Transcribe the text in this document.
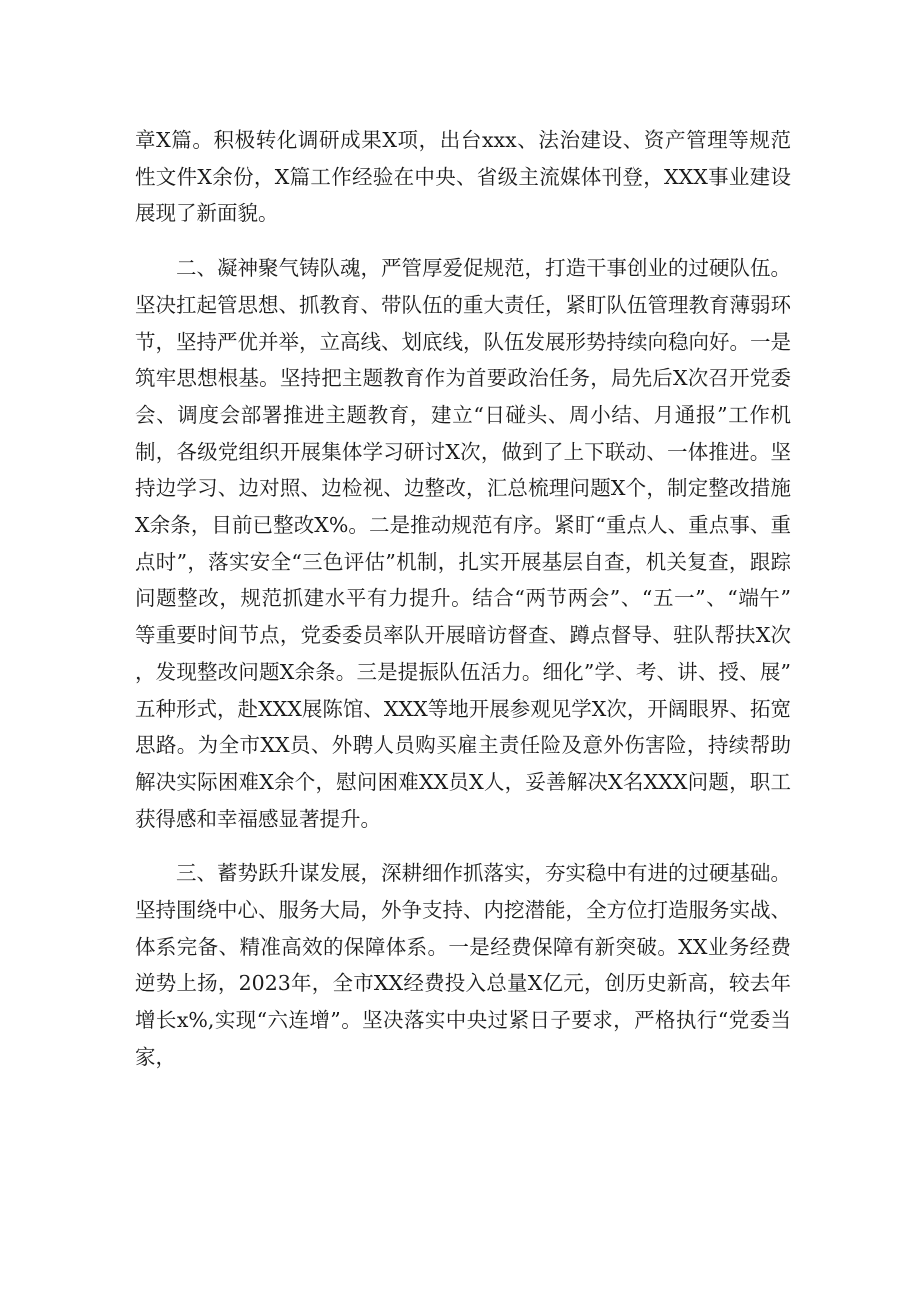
章X篇。积极转化调研成果X项，出台xxx、法治建设、资产管理等规范性文件X余份，X篇工作经验在中央、省级主流媒体刊登，XXX事业建设展现了新面貌。

二、凝神聚气铸队魂，严管厚爱促规范，打造干事创业的过硬队伍。坚决扛起管思想、抓教育、带队伍的重大责任，紧盯队伍管理教育薄弱环节，坚持严优并举，立高线、划底线，队伍发展形势持续向稳向好。一是筑牢思想根基。坚持把主题教育作为首要政治任务，局先后X次召开党委会、调度会部署推进主题教育，建立“日碰头、周小结、月通报”工作机制，各级党组织开展集体学习研讨X次，做到了上下联动、一体推进。坚持边学习、边对照、边检视、边整改，汇总梳理问题X个，制定整改措施X余条，目前已整改X%。二是推动规范有序。紧盯“重点人、重点事、重点时”，落实安全“三色评估”机制，扎实开展基层自查，机关复查，跟踪问题整改，规范抓建水平有力提升。结合“两节两会”、“五一”、“端午”等重要时间节点，党委委员率队开展暗访督查、蹲点督导、驻队帮扶X次，发现整改问题X余条。三是提振队伍活力。细化”学、考、讲、授、展”五种形式，赴XXX展陈馆、XXX等地开展参观见学X次，开阔眼界、拓宽思路。为全市XX员、外聘人员购买雇主责任险及意外伤害险，持续帮助解决实际困难X余个，慰问困难XX员X人，妥善解决X名XXX问题，职工获得感和幸福感显著提升。

三、蓄势跃升谋发展，深耕细作抓落实，夯实稳中有进的过硬基础。坚持围绕中心、服务大局，外争支持、内挖潜能，全方位打造服务实战、体系完备、精准高效的保障体系。一是经费保障有新突破。XX业务经费逆势上扬，2023年，全市XX经费投入总量X亿元，创历史新高，较去年增长x%,实现“六连增”。坚决落实中央过紧日子要求，严格执行“党委当家，
